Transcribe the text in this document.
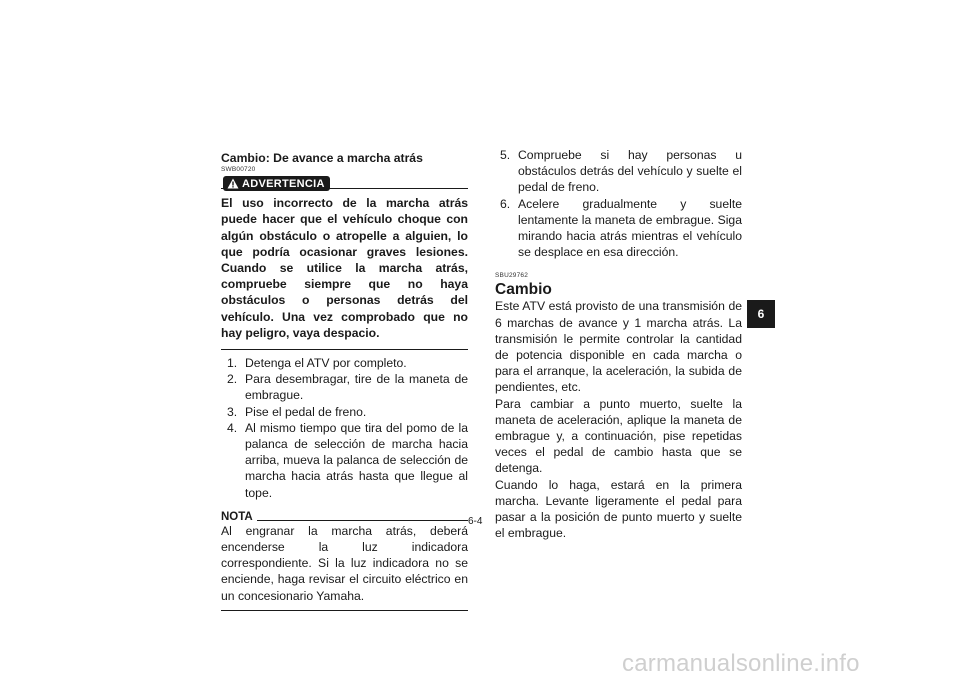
Cambio: De avance a marcha atrás
SWB00720
ADVERTENCIA
El uso incorrecto de la marcha atrás puede hacer que el vehículo choque con algún obstáculo o atropelle a alguien, lo que podría ocasionar graves lesiones. Cuando se utilice la marcha atrás, compruebe siempre que no haya obstáculos o personas detrás del vehículo. Una vez comprobado que no hay peligro, vaya despacio.
1. Detenga el ATV por completo.
2. Para desembragar, tire de la maneta de embrague.
3. Pise el pedal de freno.
4. Al mismo tiempo que tira del pomo de la palanca de selección de marcha hacia arriba, mueva la palanca de selección de marcha hacia atrás hasta que llegue al tope.
NOTA
Al engranar la marcha atrás, deberá encenderse la luz indicadora correspondiente. Si la luz indicadora no se enciende, haga revisar el circuito eléctrico en un concesionario Yamaha.
5. Compruebe si hay personas u obstáculos detrás del vehículo y suelte el pedal de freno.
6. Acelere gradualmente y suelte lentamente la maneta de embrague. Siga mirando hacia atrás mientras el vehículo se desplace en esa dirección.
SBU29762
Cambio
Este ATV está provisto de una transmisión de 6 marchas de avance y 1 marcha atrás. La transmisión le permite controlar la cantidad de potencia disponible en cada marcha o para el arranque, la aceleración, la subida de pendientes, etc.
Para cambiar a punto muerto, suelte la maneta de aceleración, aplique la maneta de embrague y, a continuación, pise repetidas veces el pedal de cambio hasta que se detenga.
Cuando lo haga, estará en la primera marcha. Levante ligeramente el pedal para pasar a la posición de punto muerto y suelte el embrague.
6-4
6
carmanualsonline.info
